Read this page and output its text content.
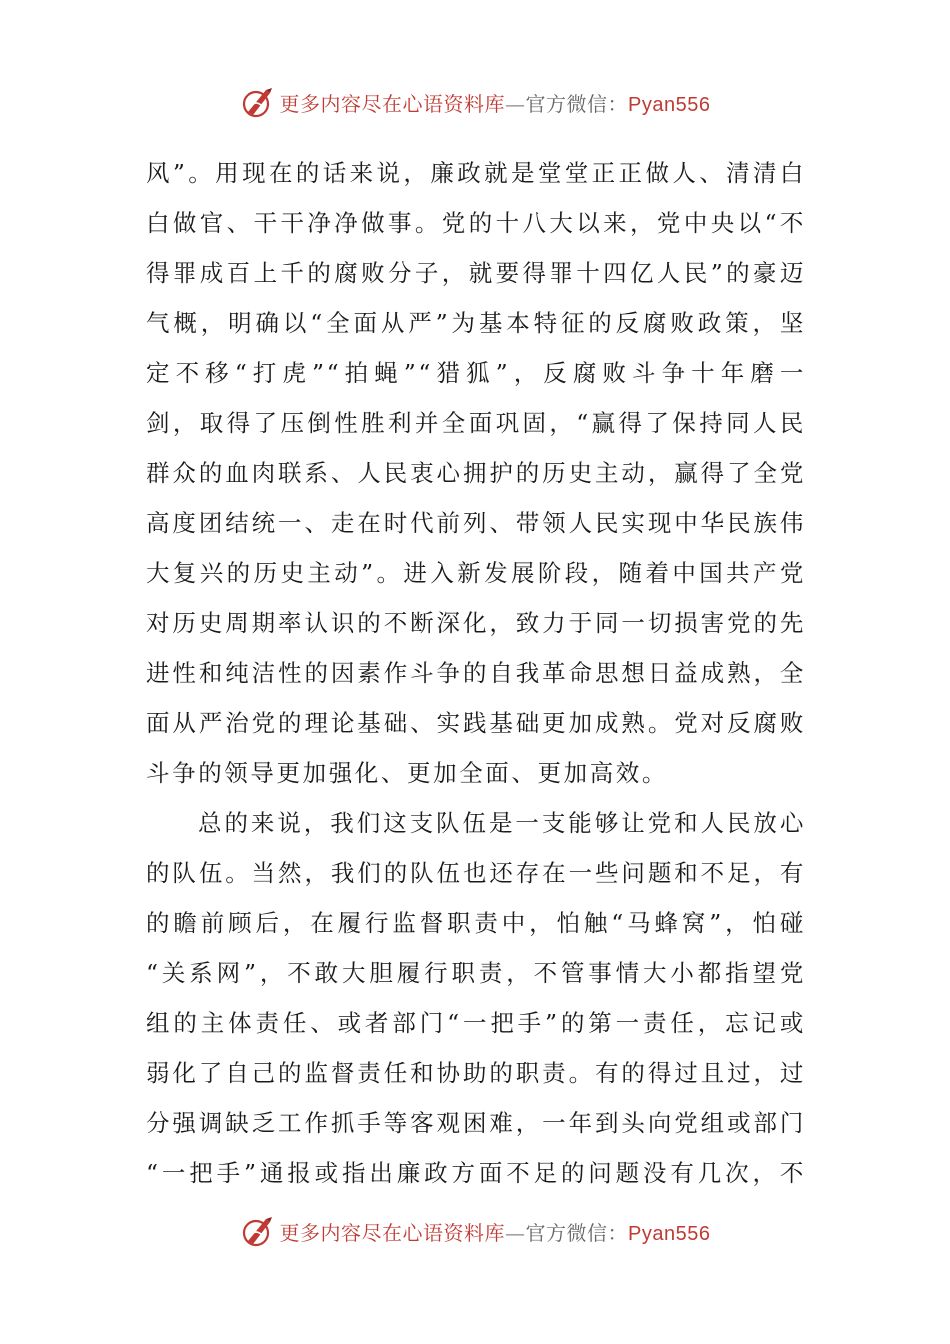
更多内容尽在心语资料库—官方微信：Pyan556

风”。用现在的话来说，廉政就是堂堂正正做人、清清白
白做官、干干净净做事。党的十八大以来，党中央以“不
得罪成百上千的腐败分子，就要得罪十四亿人民”的豪迈
气概，明确以“全面从严”为基本特征的反腐败政策，坚
定不移“打虎”“拍蝇”“猎狐”，反腐败斗争十年磨一
剑，取得了压倒性胜利并全面巩固，“赢得了保持同人民
群众的血肉联系、人民衷心拥护的历史主动，赢得了全党
高度团结统一、走在时代前列、带领人民实现中华民族伟
大复兴的历史主动”。进入新发展阶段，随着中国共产党
对历史周期率认识的不断深化，致力于同一切损害党的先
进性和纯洁性的因素作斗争的自我革命思想日益成熟，全
面从严治党的理论基础、实践基础更加成熟。党对反腐败
斗争的领导更加强化、更加全面、更加高效。

总的来说，我们这支队伍是一支能够让党和人民放心
的队伍。当然，我们的队伍也还存在一些问题和不足，有
的瞻前顾后，在履行监督职责中，怕触“马蜂窝”，怕碰
“关系网”，不敢大胆履行职责，不管事情大小都指望党
组的主体责任、或者部门“一把手”的第一责任，忘记或
弱化了自己的监督责任和协助的职责。有的得过且过，过
分强调缺乏工作抓手等客观困难，一年到头向党组或部门
“一把手”通报或指出廉政方面不足的问题没有几次，不

更多内容尽在心语资料库—官方微信：Pyan556
